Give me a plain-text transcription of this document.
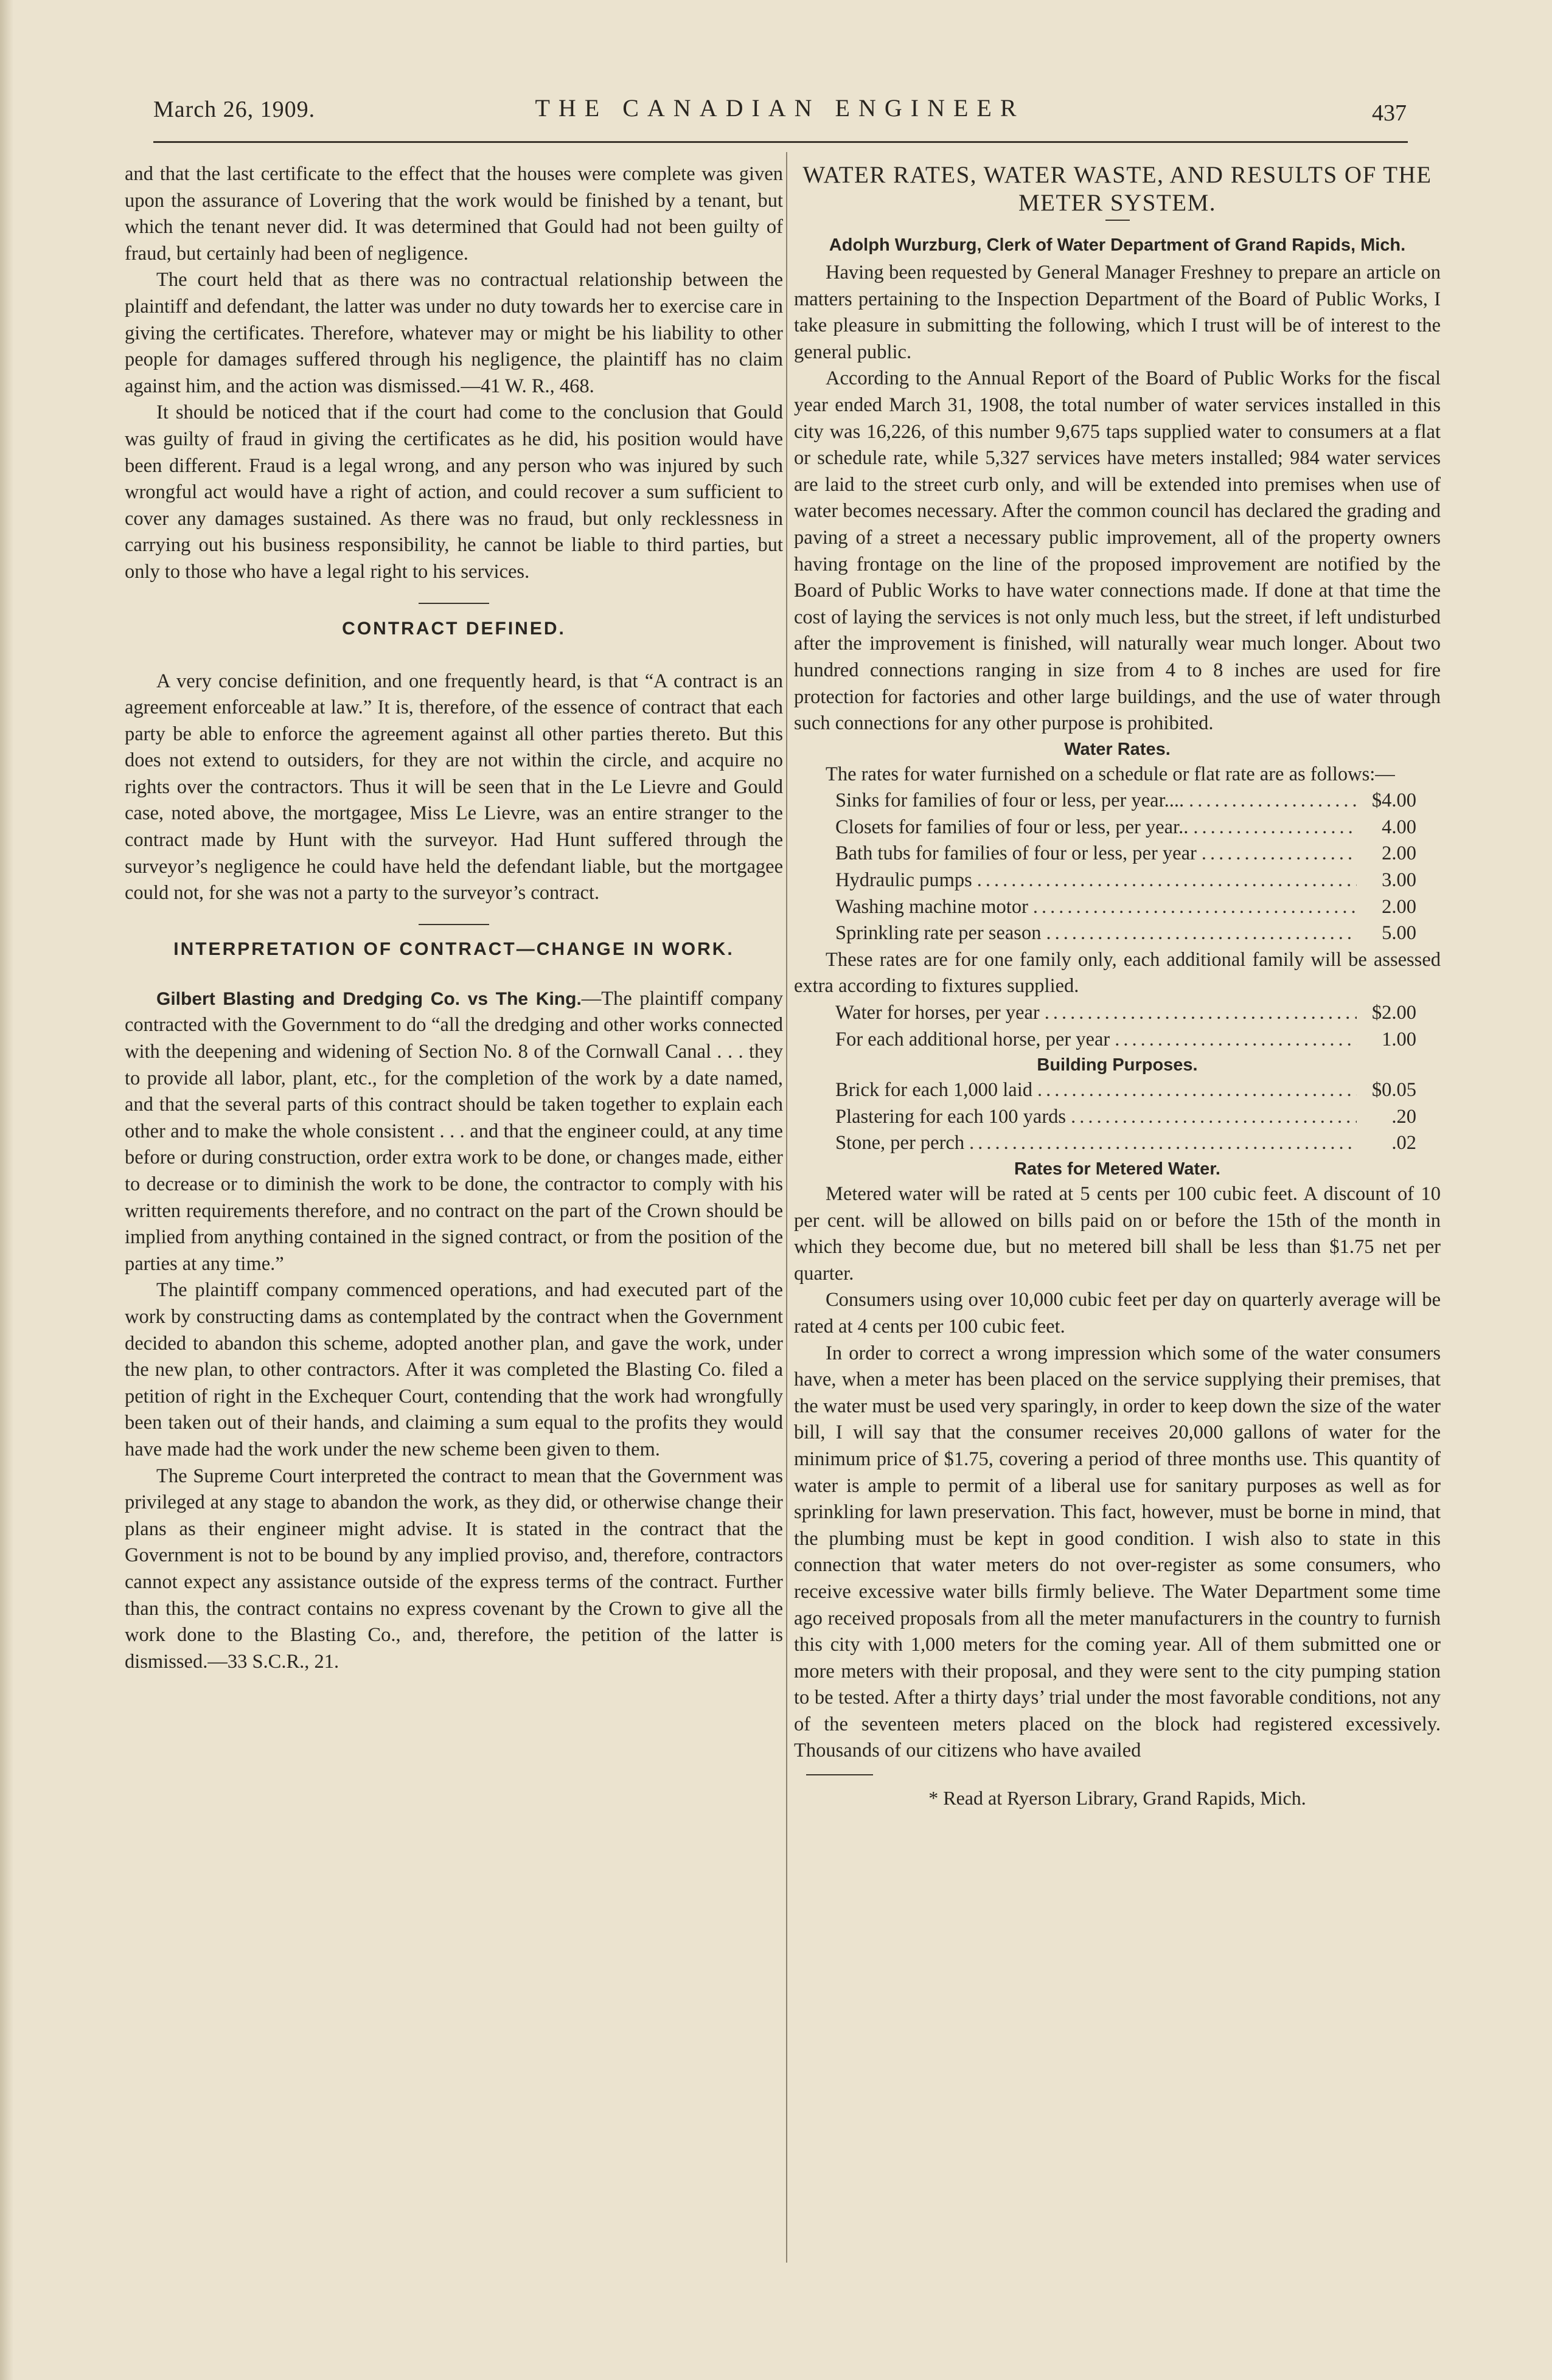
March 26, 1909.	THE CANADIAN ENGINEER	437

and that the last certificate to the effect that the houses were complete was given upon the assurance of Lovering that the work would be finished by a tenant, but which the tenant never did. It was determined that Gould had not been guilty of fraud, but certainly had been of negligence.

The court held that as there was no contractual relationship between the plaintiff and defendant, the latter was under no duty towards her to exercise care in giving the certificates. Therefore, whatever may or might be his liability to other people for damages suffered through his negligence, the plaintiff has no claim against him, and the action was dismissed.—41 W. R., 468.

It should be noticed that if the court had come to the conclusion that Gould was guilty of fraud in giving the certificates as he did, his position would have been different. Fraud is a legal wrong, and any person who was injured by such wrongful act would have a right of action, and could recover a sum sufficient to cover any damages sustained. As there was no fraud, but only recklessness in carrying out his business responsibility, he cannot be liable to third parties, but only to those who have a legal right to his services.

CONTRACT DEFINED.

A very concise definition, and one frequently heard, is that “A contract is an agreement enforceable at law.” It is, therefore, of the essence of contract that each party be able to enforce the agreement against all other parties thereto. But this does not extend to outsiders, for they are not within the circle, and acquire no rights over the contractors. Thus it will be seen that in the Le Lievre and Gould case, noted above, the mortgagee, Miss Le Lievre, was an entire stranger to the contract made by Hunt with the surveyor. Had Hunt suffered through the surveyor’s negligence he could have held the defendant liable, but the mortgagee could not, for she was not a party to the surveyor’s contract.

INTERPRETATION OF CONTRACT—CHANGE IN WORK.

Gilbert Blasting and Dredging Co. vs The King.—The plaintiff company contracted with the Government to do “all the dredging and other works connected with the deepening and widening of Section No. 8 of the Cornwall Canal . . . they to provide all labor, plant, etc., for the completion of the work by a date named, and that the several parts of this contract should be taken together to explain each other and to make the whole consistent . . . and that the engineer could, at any time before or during construction, order extra work to be done, or changes made, either to decrease or to diminish the work to be done, the contractor to comply with his written requirements therefore, and no contract on the part of the Crown should be implied from anything contained in the signed contract, or from the position of the parties at any time.”

The plaintiff company commenced operations, and had executed part of the work by constructing dams as contemplated by the contract when the Government decided to abandon this scheme, adopted another plan, and gave the work, under the new plan, to other contractors. After it was completed the Blasting Co. filed a petition of right in the Exchequer Court, contending that the work had wrongfully been taken out of their hands, and claiming a sum equal to the profits they would have made had the work under the new scheme been given to them.

The Supreme Court interpreted the contract to mean that the Government was privileged at any stage to abandon the work, as they did, or otherwise change their plans as their engineer might advise. It is stated in the contract that the Government is not to be bound by any implied proviso, and, therefore, contractors cannot expect any assistance outside of the express terms of the contract. Further than this, the contract contains no express covenant by the Crown to give all the work done to the Blasting Co., and, therefore, the petition of the latter is dismissed.—33 S.C.R., 21.

WATER RATES, WATER WASTE, AND RESULTS OF THE METER SYSTEM.
Adolph Wurzburg, Clerk of Water Department of Grand Rapids, Mich.

Having been requested by General Manager Freshney to prepare an article on matters pertaining to the Inspection Department of the Board of Public Works, I take pleasure in submitting the following, which I trust will be of interest to the general public.

According to the Annual Report of the Board of Public Works for the fiscal year ended March 31, 1908, the total number of water services installed in this city was 16,226, of this number 9,675 taps supplied water to consumers at a flat or schedule rate, while 5,327 services have meters installed; 984 water services are laid to the street curb only, and will be extended into premises when use of water becomes necessary. After the common council has declared the grading and paving of a street a necessary public improvement, all of the property owners having frontage on the line of the proposed improvement are notified by the Board of Public Works to have water connections made. If done at that time the cost of laying the services is not only much less, but the street, if left undisturbed after the improvement is finished, will naturally wear much longer. About two hundred connections ranging in size from 4 to 8 inches are used for fire protection for factories and other large buildings, and the use of water through such connections for any other purpose is prohibited.

Water Rates.

The rates for water furnished on a schedule or flat rate are as follows:—

Sinks for families of four or less, per year.... .....	$4.00
Closets for families of four or less, per year.. .....	4.00
Bath tubs for families of four or less, per year .....	2.00
Hydraulic pumps .....	3.00
Washing machine motor .....	2.00
Sprinkling rate per season .....	5.00

These rates are for one family only, each additional family will be assessed extra according to fixtures supplied.

Water for horses, per year .....	$2.00
For each additional horse, per year .....	1.00
Building Purposes.
Brick for each 1,000 laid .....	$0.05
Plastering for each 100 yards .....	.20
Stone, per perch .....	.02
Rates for Metered Water.

Metered water will be rated at 5 cents per 100 cubic feet. A discount of 10 per cent. will be allowed on bills paid on or before the 15th of the month in which they become due, but no metered bill shall be less than $1.75 net per quarter.

Consumers using over 10,000 cubic feet per day on quarterly average will be rated at 4 cents per 100 cubic feet.

In order to correct a wrong impression which some of the water consumers have, when a meter has been placed on the service supplying their premises, that the water must be used very sparingly, in order to keep down the size of the water bill, I will say that the consumer receives 20,000 gallons of water for the minimum price of $1.75, covering a period of three months use. This quantity of water is ample to permit of a liberal use for sanitary purposes as well as for sprinkling for lawn preservation. This fact, however, must be borne in mind, that the plumbing must be kept in good condition. I wish also to state in this connection that water meters do not over-register as some consumers, who receive excessive water bills firmly believe. The Water Department some time ago received proposals from all the meter manufacturers in the country to furnish this city with 1,000 meters for the coming year. All of them submitted one or more meters with their proposal, and they were sent to the city pumping station to be tested. After a thirty days’ trial under the most favorable conditions, not any of the seventeen meters placed on the block had registered excessively. Thousands of our citizens who have availed

* Read at Ryerson Library, Grand Rapids, Mich.
